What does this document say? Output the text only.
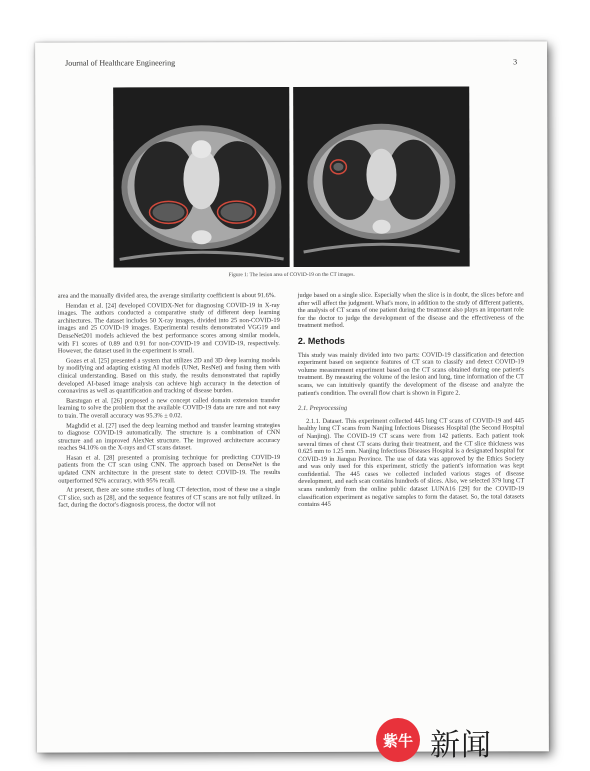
Journal of Healthcare Engineering	3
Figure 1: The lesion area of COVID-19 on the CT images.

area and the manually divided area, the average similarity coefficient is about 91.6%.

Hemdan et al. [24] developed COVIDX-Net for diagnosing COVID-19 in X-ray images. The authors conducted a comparative study of different deep learning architectures. The dataset includes 50 X-ray images, divided into 25 non-COVID-19 images and 25 COVID-19 images. Experimental results demonstrated VGG19 and DenseNet201 models achieved the best performance scores among similar models, with F1 scores of 0.89 and 0.91 for non-COVID-19 and COVID-19, respectively. However, the dataset used in the experiment is small.

Gozes et al. [25] presented a system that utilizes 2D and 3D deep learning models by modifying and adapting existing AI models (UNet, ResNet) and fusing them with clinical understanding. Based on this study, the results demonstrated that rapidly developed AI-based image analysis can achieve high accuracy in the detection of coronavirus as well as quantification and tracking of disease burden.

Barstugan et al. [26] proposed a new concept called domain extension transfer learning to solve the problem that the available COVID-19 data are rare and not easy to train. The overall accuracy was 95.3% ± 0.02.

Maghdid et al. [27] used the deep learning method and transfer learning strategies to diagnose COVID-19 automatically. The structure is a combination of CNN structure and an improved AlexNet structure. The improved architecture accuracy reaches 94.10% on the X-rays and CT scans dataset.

Hasan et al. [28] presented a promising technique for predicting COVID-19 patients from the CT scan using CNN. The approach based on DenseNet is the updated CNN architecture in the present state to detect COVID-19. The results outperformed 92% accuracy, with 95% recall.

At present, there are some studies of lung CT detection, most of these use a single CT slice, such as [28], and the sequence features of CT scans are not fully utilized. In fact, during the doctor's diagnosis process, the doctor will not

judge based on a single slice. Especially when the slice is in doubt, the slices before and after will affect the judgment. What's more, in addition to the study of different patients, the analysis of CT scans of one patient during the treatment also plays an important role for the doctor to judge the development of the disease and the effectiveness of the treatment method.

2. Methods

This study was mainly divided into two parts: COVID-19 classification and detection experiment based on sequence features of CT scan to classify and detect COVID-19 volume measurement experiment based on the CT scans obtained during one patient's treatment. By measuring the volume of the lesion and lung, time information of the CT scans, we can intuitively quantify the development of the disease and analyze the patient's condition. The overall flow chart is shown in Figure 2.

2.1. Preprocessing

2.1.1. Dataset. This experiment collected 445 lung CT scans of COVID-19 and 445 healthy lung CT scans from Nanjing Infectious Diseases Hospital (the Second Hospital of Nanjing). The COVID-19 CT scans were from 142 patients. Each patient took several times of chest CT scans during their treatment, and the CT slice thickness was 0.625 mm to 1.25 mm. Nanjing Infectious Diseases Hospital is a designated hospital for COVID-19 in Jiangsu Province. The use of data was approved by the Ethics Society and was only used for this experiment, strictly the patient's information was kept confidential. The 445 cases we collected included various stages of disease development, and each scan contains hundreds of slices. Also, we selected 379 lung CT scans randomly from the online public dataset LUNA16 [29] for the COVID-19 classification experiment as negative samples to form the dataset. So, the total datasets contains 445

紫牛 新闻
